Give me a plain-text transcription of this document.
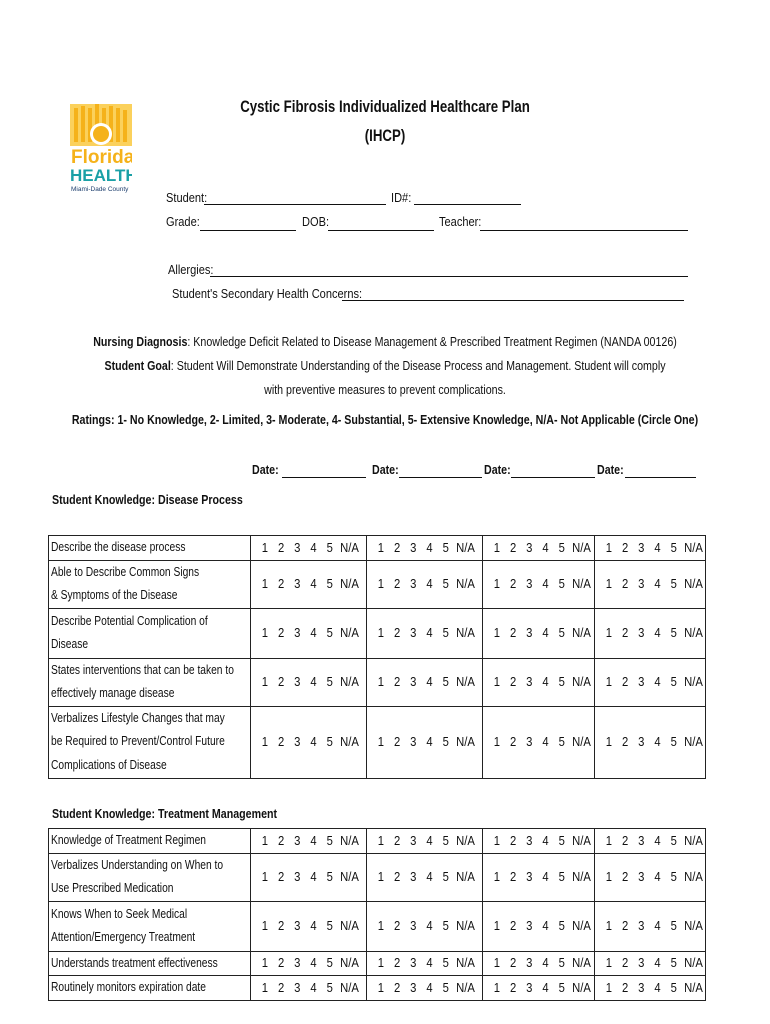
Florida
HEALTH
Miami-Dade County
Cystic Fibrosis Individualized Healthcare Plan
(IHCP)
Student:	ID#:
Grade:	DOB:	Teacher:
Allergies:
Student's Secondary Health Concerns:
Nursing Diagnosis: Knowledge Deficit Related to Disease Management & Prescribed Treatment Regimen (NANDA 00126)
Student Goal: Student Will Demonstrate Understanding of the Disease Process and Management. Student will comply
with preventive measures to prevent complications.
Ratings: 1- No Knowledge, 2- Limited, 3- Moderate, 4- Substantial, 5- Extensive Knowledge, N/A- Not Applicable (Circle One)
Date:	Date:	Date:	Date:
Student Knowledge: Disease Process
Describe the disease process	1 2 3 4 5 N/A	1 2 3 4 5 N/A	1 2 3 4 5 N/A	1 2 3 4 5 N/A
Able to Describe Common Signs
& Symptoms of the Disease	1 2 3 4 5 N/A	1 2 3 4 5 N/A	1 2 3 4 5 N/A	1 2 3 4 5 N/A
Describe Potential Complication of
Disease	1 2 3 4 5 N/A	1 2 3 4 5 N/A	1 2 3 4 5 N/A	1 2 3 4 5 N/A
States interventions that can be taken to
effectively manage disease	1 2 3 4 5 N/A	1 2 3 4 5 N/A	1 2 3 4 5 N/A	1 2 3 4 5 N/A
Verbalizes Lifestyle Changes that may
be Required to Prevent/Control Future
Complications of Disease	1 2 3 4 5 N/A	1 2 3 4 5 N/A	1 2 3 4 5 N/A	1 2 3 4 5 N/A
Student Knowledge: Treatment Management
Knowledge of Treatment Regimen	1 2 3 4 5 N/A	1 2 3 4 5 N/A	1 2 3 4 5 N/A	1 2 3 4 5 N/A
Verbalizes Understanding on When to
Use Prescribed Medication	1 2 3 4 5 N/A	1 2 3 4 5 N/A	1 2 3 4 5 N/A	1 2 3 4 5 N/A
Knows When to Seek Medical
Attention/Emergency Treatment	1 2 3 4 5 N/A	1 2 3 4 5 N/A	1 2 3 4 5 N/A	1 2 3 4 5 N/A
Understands treatment effectiveness	1 2 3 4 5 N/A	1 2 3 4 5 N/A	1 2 3 4 5 N/A	1 2 3 4 5 N/A
Routinely monitors expiration date	1 2 3 4 5 N/A	1 2 3 4 5 N/A	1 2 3 4 5 N/A	1 2 3 4 5 N/A
